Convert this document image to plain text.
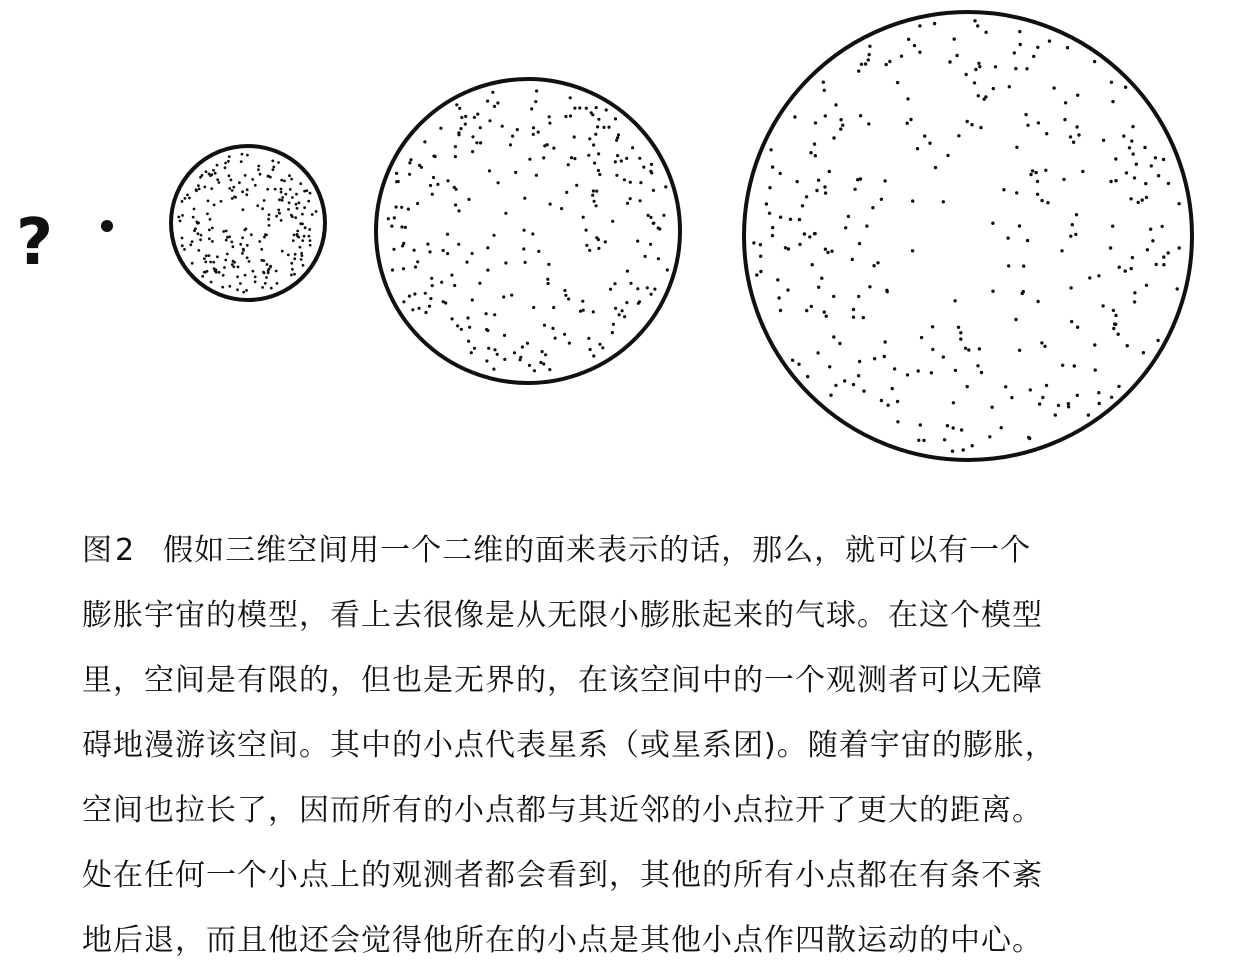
?
图2 假如三维空间用一个二维的面来表示的话，那么，就可以有一个
膨胀宇宙的模型，看上去很像是从无限小膨胀起来的气球。在这个模型
里，空间是有限的，但也是无界的，在该空间中的一个观测者可以无障
碍地漫游该空间。其中的小点代表星系（或星系团)。随着宇宙的膨胀，
空间也拉长了，因而所有的小点都与其近邻的小点拉开了更大的距离。
处在任何一个小点上的观测者都会看到，其他的所有小点都在有条不紊
地后退，而且他还会觉得他所在的小点是其他小点作四散运动的中心。
